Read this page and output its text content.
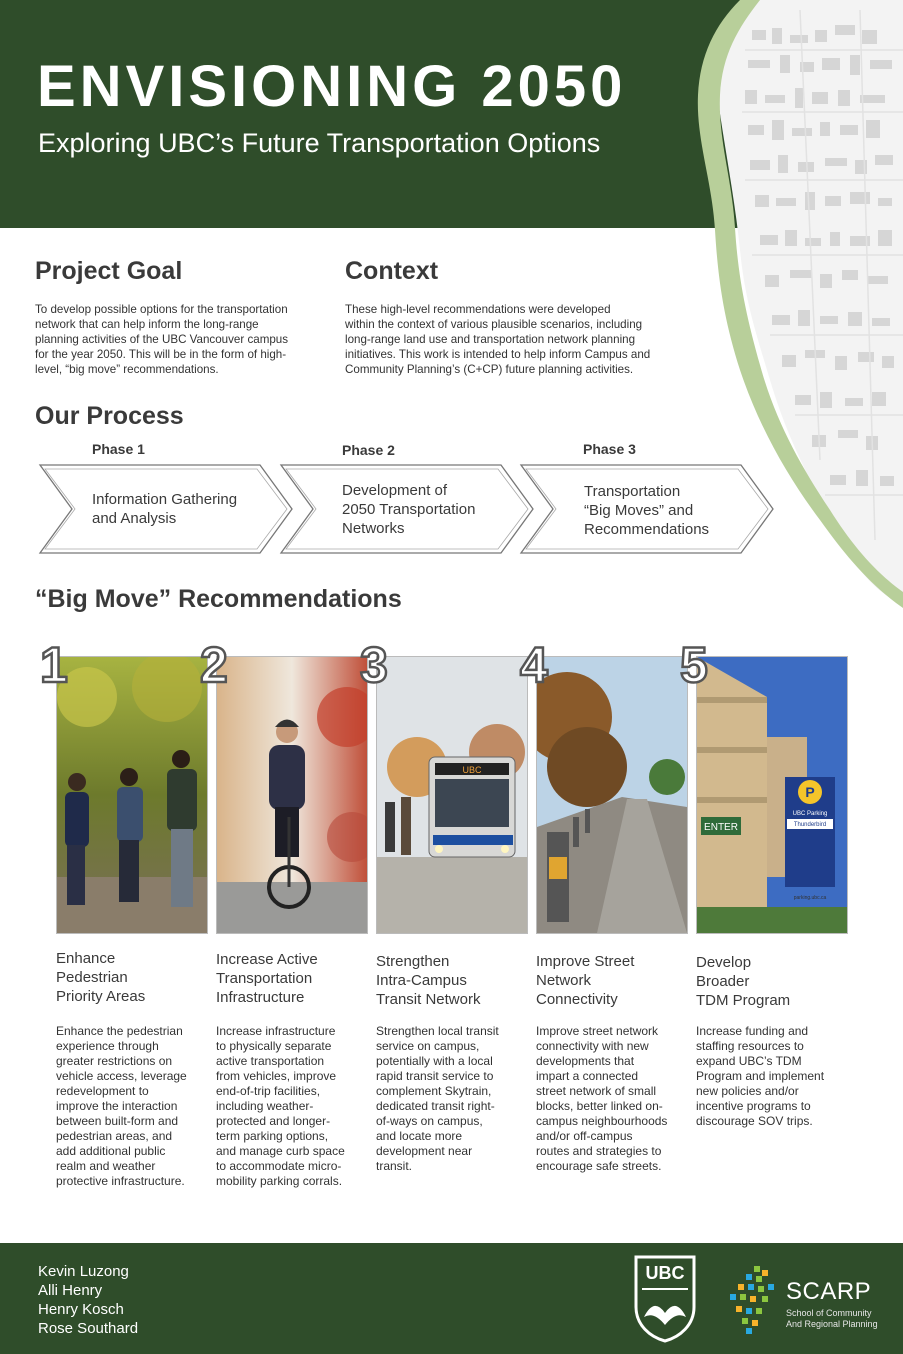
ENVISIONING 2050
Exploring UBC’s Future Transportation Options
Project Goal
To develop possible options for the transportation
network that can help inform the long-range
planning activities of the UBC Vancouver campus
for the year 2050. This will be in the form of high-
level, “big move” recommendations.
Context
These high-level recommendations were developed
within the context of various plausible scenarios, including
long-range land use and transportation network planning
initiatives. This work is intended to help inform Campus and
Community Planning’s (C+CP) future planning activities.
Our Process
Phase 1	Phase 2	Phase 3
Information Gathering
and Analysis
Development of
2050 Transportation
Networks
Transportation
“Big Moves” and
Recommendations
“Big Move” Recommendations
1
Enhance
Pedestrian
Priority Areas
Enhance the pedestrian
experience through
greater restrictions on
vehicle access, leverage
redevelopment to
improve the interaction
between built-form and
pedestrian areas, and
add additional public
realm and weather
protective infrastructure.
2
Increase Active
Transportation
Infrastructure
Increase infrastructure
to physically separate
active transportation
from vehicles, improve
end-of-trip facilities,
including weather-
protected and longer-
term parking options,
and manage curb space
to accommodate micro-
mobility parking corrals.
UBC
3
Strengthen
Intra-Campus
Transit Network
Strengthen local transit
service on campus,
potentially with a local
rapid transit service to
complement Skytrain,
dedicated transit right-
of-ways on campus,
and locate more
development near
transit.
4
Improve Street
Network
Connectivity
Improve street network
connectivity with new
developments that
impart a connected
street network of small
blocks, better linked on-
campus neighbourhoods
and/or off-campus
routes and strategies to
encourage safe streets.
ENTER
P
UBC Parking
Thunderbird
parking.ubc.ca
5
Develop
Broader
TDM Program
Increase funding and
staffing resources to
expand UBC’s TDM
Program and implement
new policies and/or
incentive programs to
discourage SOV trips.
Kevin Luzong
Alli Henry
Henry Kosch
Rose Southard
UBC
SCARP
School of Community
And Regional Planning
